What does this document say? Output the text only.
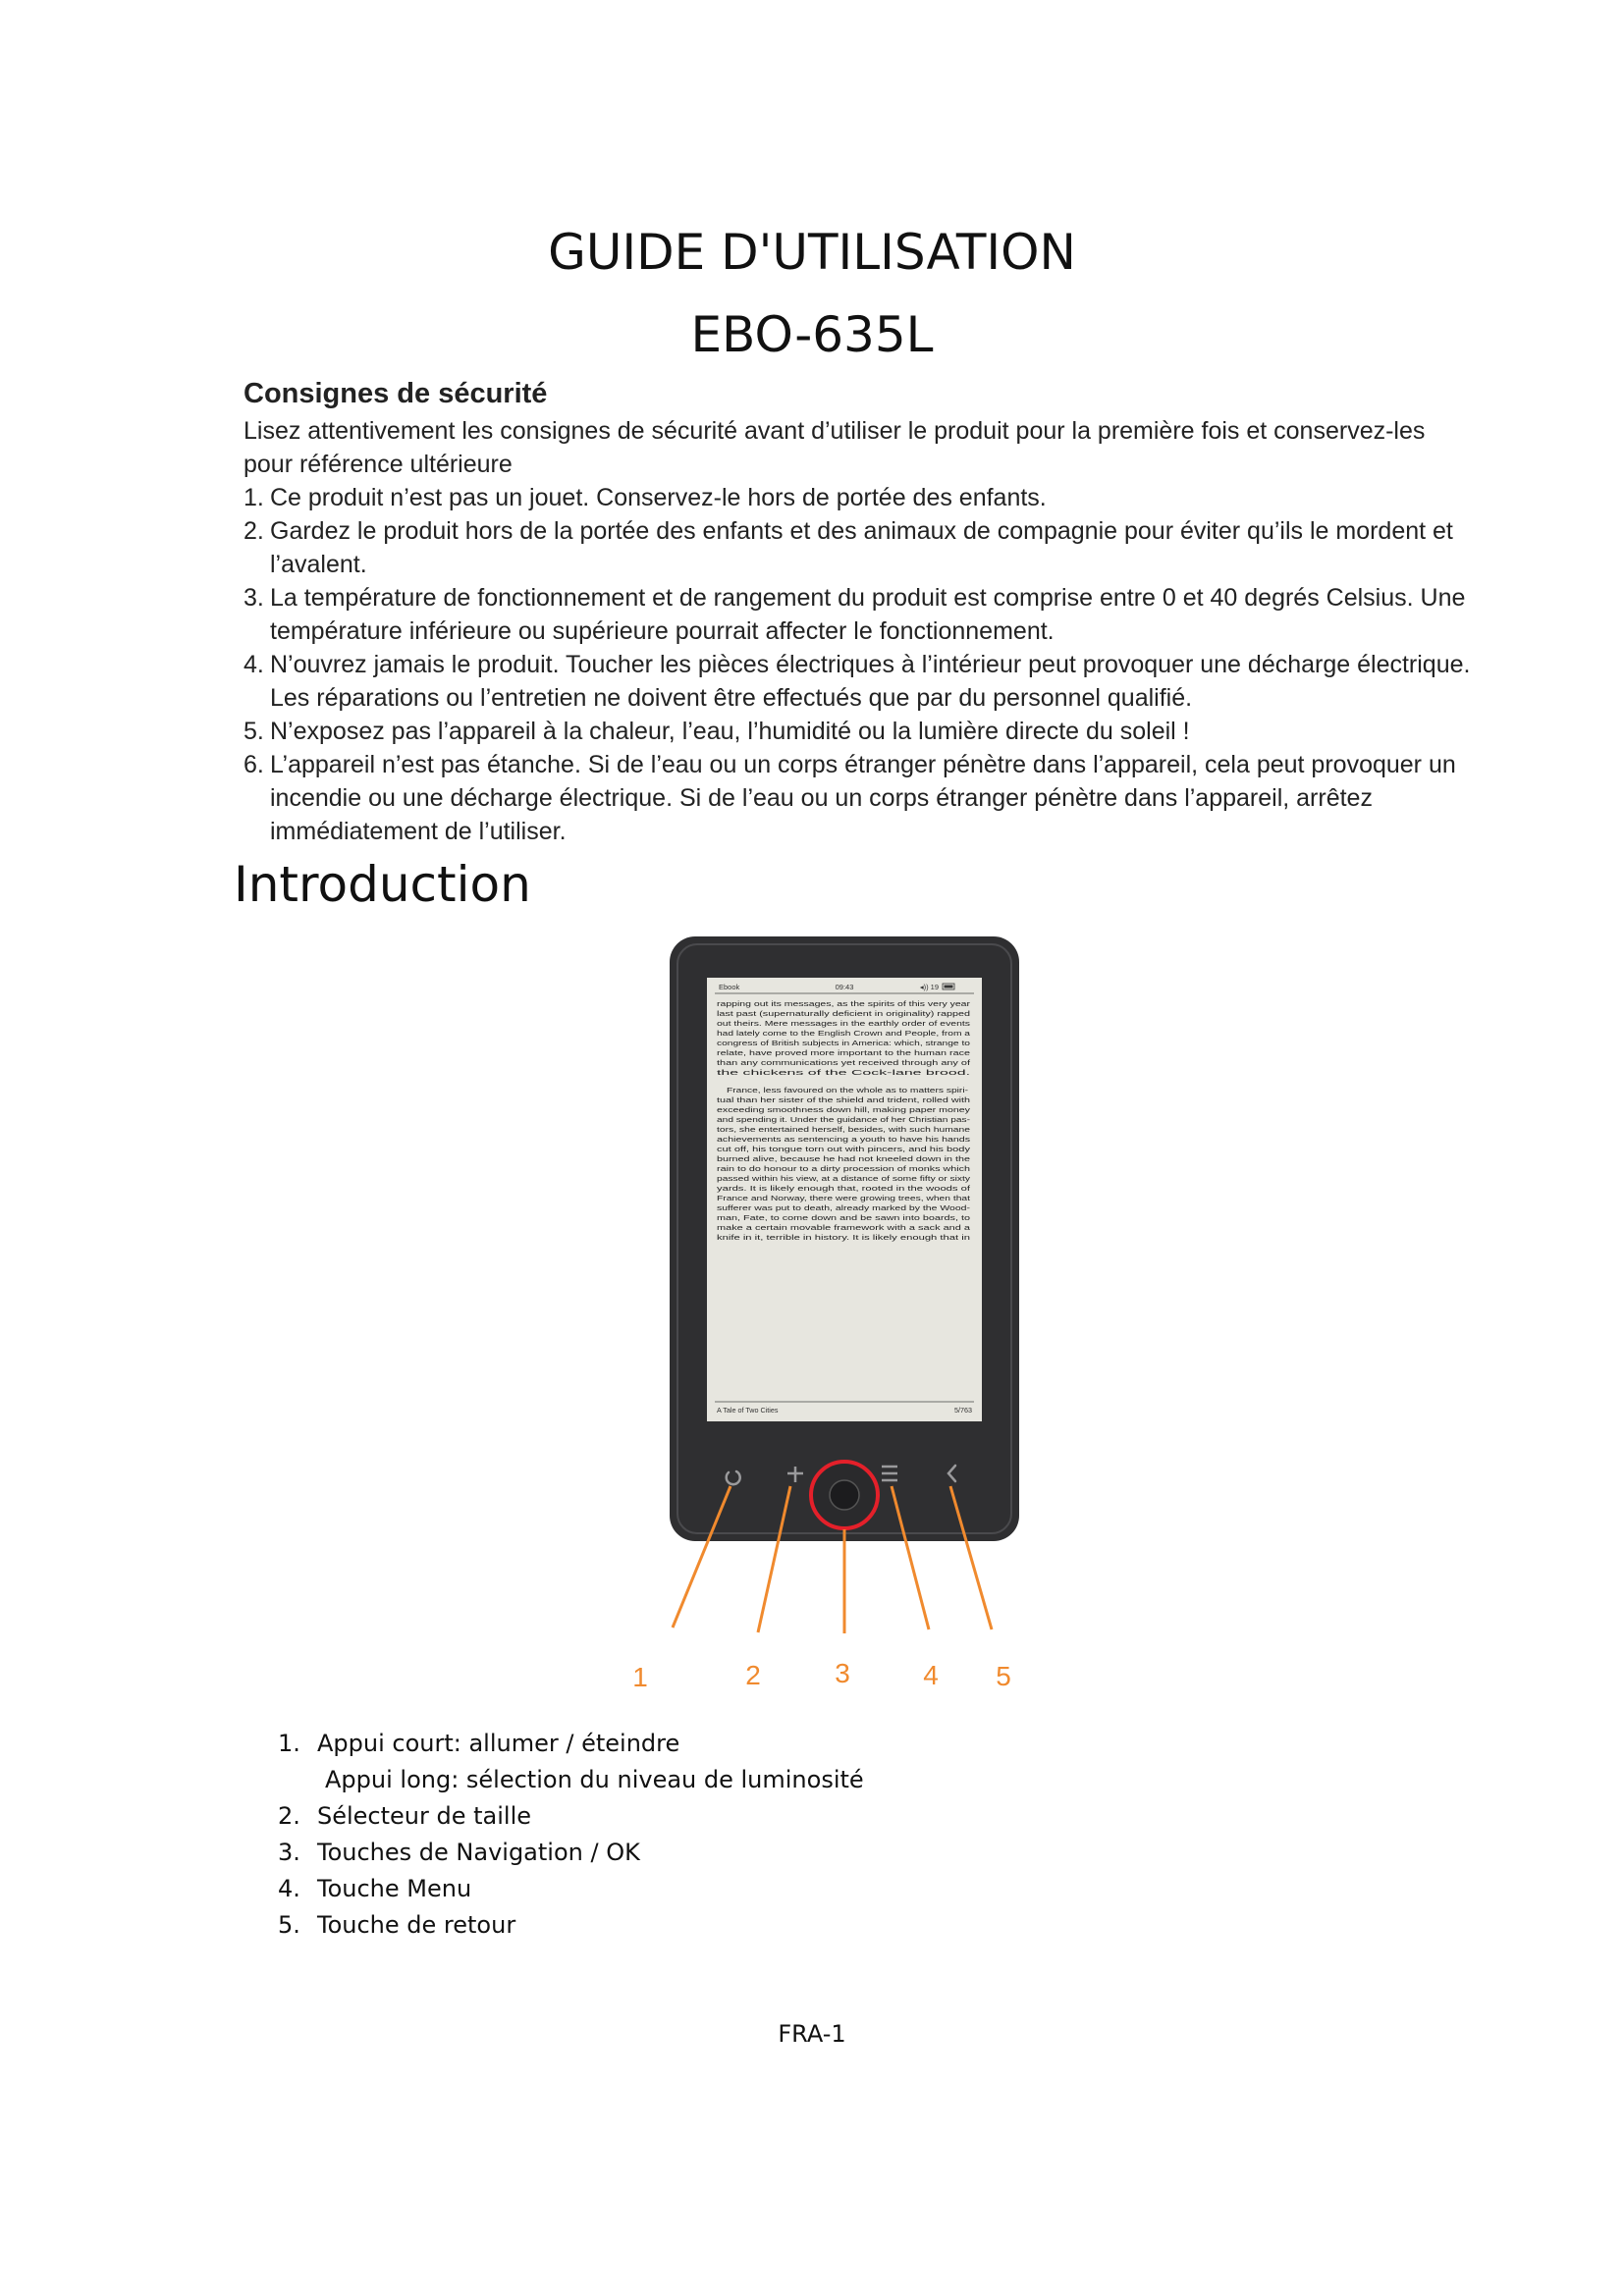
GUIDE D'UTILISATION
EBO-635L
Consignes de sécurité

Lisez attentivement les consignes de sécurité avant d’utiliser le produit pour la première fois et conservez-les pour référence ultérieure

1. Ce produit n’est pas un jouet. Conservez-le hors de portée des enfants.
2. Gardez le produit hors de la portée des enfants et des animaux de compagnie pour éviter qu’ils le mordent et l’avalent.
3. La température de fonctionnement et de rangement du produit est comprise entre 0 et 40 degrés Celsius. Une température inférieure ou supérieure pourrait affecter le fonctionnement.
4. N’ouvrez jamais le produit. Toucher les pièces électriques à l’intérieur peut provoquer une décharge électrique. Les réparations ou l’entretien ne doivent être effectués que par du personnel qualifié.
5. N’exposez pas l’appareil à la chaleur, l’eau, l’humidité ou la lumière directe du soleil !
6. L’appareil n’est pas étanche. Si de l’eau ou un corps étranger pénètre dans l’appareil, cela peut provoquer un incendie ou une décharge électrique. Si de l’eau ou un corps étranger pénètre dans l’appareil, arrêtez immédiatement de l’utiliser.
Introduction
Ebook	09:43	◂)) 19
rapping out its messages, as the spirits of this very year
last past (supernaturally deficient in originality) rapped
out theirs. Mere messages in the earthly order of events
had lately come to the English Crown and People, from a
congress of British subjects in America: which, strange to
relate, have proved more important to the human race
than any communications yet received through any of
the chickens of the Cock-lane brood.
France, less favoured on the whole as to matters spiri-
tual than her sister of the shield and trident, rolled with
exceeding smoothness down hill, making paper money
and spending it. Under the guidance of her Christian pas-
tors, she entertained herself, besides, with such humane
achievements as sentencing a youth to have his hands
cut off, his tongue torn out with pincers, and his body
burned alive, because he had not kneeled down in the
rain to do honour to a dirty procession of monks which
passed within his view, at a distance of some fifty or sixty
yards. It is likely enough that, rooted in the woods of
France and Norway, there were growing trees, when that
sufferer was put to death, already marked by the Wood-
man, Fate, to come down and be sawn into boards, to
make a certain movable framework with a sack and a
knife in it, terrible in history. It is likely enough that in
A Tale of Two Cities	5/763
1	2	3	4 5
1. Appui court: allumer / éteindre
Appui long: sélection du niveau de luminosité
2. Sélecteur de taille
3. Touches de Navigation / OK
4. Touche Menu
5. Touche de retour
FRA-1
